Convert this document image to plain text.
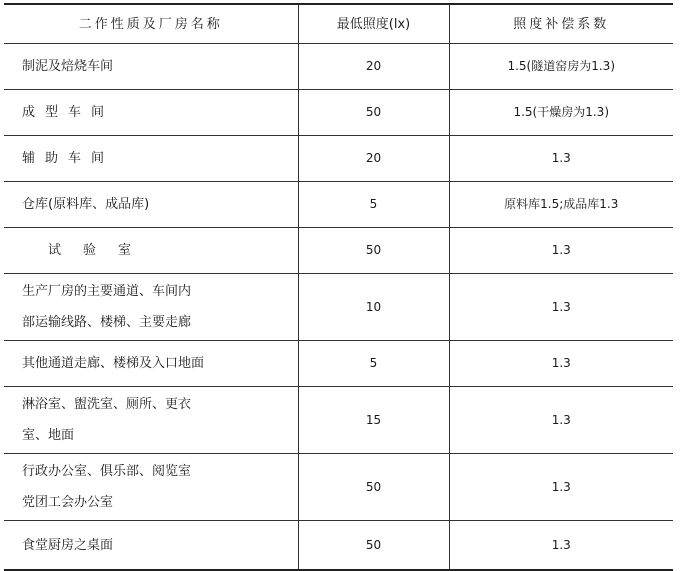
二作性质及厂房名称	最低照度(lx)	照度补偿系数
制泥及焙烧车间	20	1.5(隧道窑房为1.3)
成型车间	50	1.5(干燥房为1.3)
辅助车间	20	1.3
仓库(原料库、成品库)	5	原料库1.5;成品库1.3
试验室	50	1.3
生产厂房的主要通道、车间内
部运输线路、楼梯、主要走廊	10	1.3
其他通道走廊、楼梯及入口地面	5	1.3
淋浴室、盥洗室、厕所、更衣
室、地面	15	1.3
行政办公室、俱乐部、阅览室
党团工会办公室	50	1.3
食堂厨房之桌面	50	1.3
